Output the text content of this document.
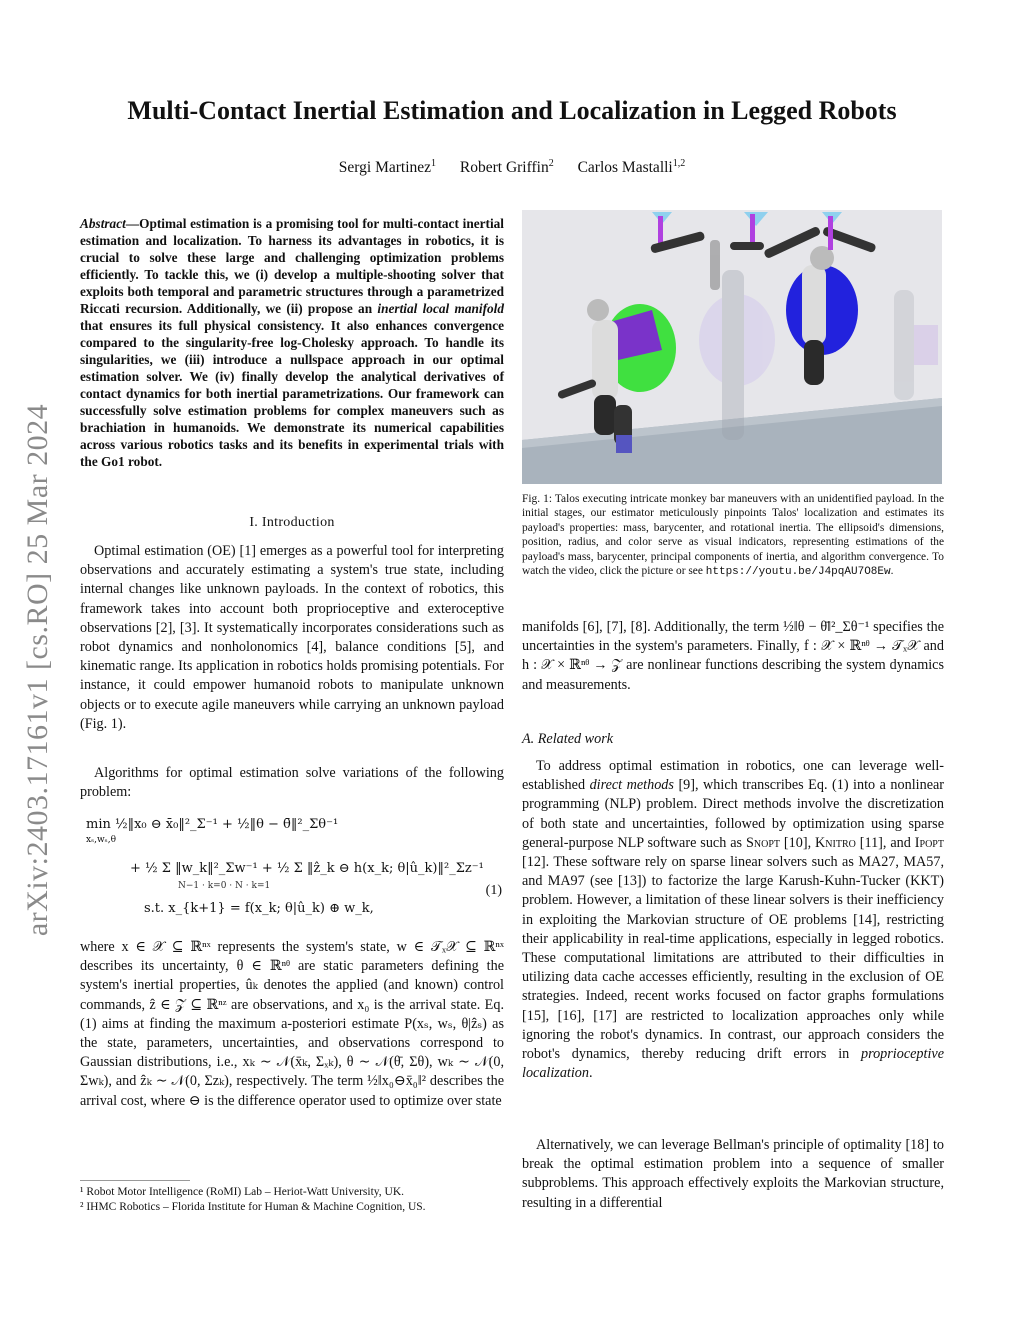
arXiv:2403.17161v1 [cs.RO] 25 Mar 2024
Multi-Contact Inertial Estimation and Localization in Legged Robots
Sergi Martinez$^1$ Robert Griffin$^2$ Carlos Mastalli$^{1,2}$
Abstract—Optimal estimation is a promising tool for multi-contact inertial estimation and localization. To harness its advantages in robotics, it is crucial to solve these large and challenging optimization problems efficiently. To tackle this, we (i) develop a multiple-shooting solver that exploits both temporal and parametric structures through a parametrized Riccati recursion. Additionally, we (ii) propose an inertial local manifold that ensures its full physical consistency. It also enhances convergence compared to the singularity-free log-Cholesky approach. To handle its singularities, we (iii) introduce a nullspace approach in our optimal estimation solver. We (iv) finally develop the analytical derivatives of contact dynamics for both inertial parametrizations. Our framework can successfully solve estimation problems for complex maneuvers such as brachiation in humanoids. We demonstrate its numerical capabilities across various robotics tasks and its benefits in experimental trials with the Go1 robot.
I. Introduction
Optimal estimation (OE) [1] emerges as a powerful tool for interpreting observations and accurately estimating a system's true state, including internal changes like unknown payloads. In the context of robotics, this framework takes into account both proprioceptive and exteroceptive observations [2], [3]. It systematically incorporates considerations such as robot dynamics and nonholonomics [4], balance conditions [5], and kinematic range. Its application in robotics holds promising potentials. For instance, it could empower humanoid robots to manipulate unknown objects or to execute agile maneuvers while carrying an unknown payload (Fig. 1).
Algorithms for optimal estimation solve variations of the following problem:
min ½‖x₀ ⊖ x̄₀‖²_Σ⁻¹ + ½‖θ − θ̄‖²_Σθ⁻¹
xₛ,wₛ,θ
+ ½ Σ ‖w_k‖²_Σw⁻¹ + ½ Σ ‖ẑ_k ⊖ h(x_k; θ|û_k)‖²_Σz⁻¹
N−1 · k=0 · N · k=1
s.t. x_{k+1} = f(x_k; θ|û_k) ⊕ w_k,
(1)
where x ∈ 𝒳 ⊆ ℝⁿˣ represents the system's state, w ∈ 𝒯ₓ𝒳 ⊆ ℝⁿˣ describes its uncertainty, θ ∈ ℝⁿᶿ are static parameters defining the system's inertial properties, ûₖ denotes the applied (and known) control commands, ẑ ∈ 𝒵 ⊆ ℝⁿᶻ are observations, and x₀ is the arrival state. Eq. (1) aims at finding the maximum a-posteriori estimate P(xₛ, wₛ, θ|ẑₛ) as the state, parameters, uncertainties, and observations correspond to Gaussian distributions, i.e., xₖ ∼ 𝒩(x̄ₖ, Σₓₖ), θ ∼ 𝒩(θ̄, Σθ), wₖ ∼ 𝒩(0, Σwₖ), and ẑₖ ∼ 𝒩(0, Σzₖ), respectively. The term ½‖x₀⊖x̄₀‖² describes the arrival cost, where ⊖ is the difference operator used to optimize over state
¹ Robot Motor Intelligence (RoMI) Lab – Heriot-Watt University, UK.
² IHMC Robotics – Florida Institute for Human & Machine Cognition, US.
Fig. 1: Talos executing intricate monkey bar maneuvers with an unidentified payload. In the initial stages, our estimator meticulously pinpoints Talos' localization and estimates its payload's properties: mass, barycenter, and rotational inertia. The ellipsoid's dimensions, position, radius, and color serve as visual indicators, representing estimations of the payload's mass, barycenter, principal components of inertia, and algorithm convergence. To watch the video, click the picture or see https://youtu.be/J4pqAU7O8Ew.
manifolds [6], [7], [8]. Additionally, the term ½‖θ − θ̄‖²_Σθ⁻¹ specifies the uncertainties in the system's parameters. Finally, f : 𝒳 × ℝⁿᶿ → 𝒯ₓ𝒳 and h : 𝒳 × ℝⁿᶿ → 𝒵 are nonlinear functions describing the system dynamics and measurements.
A. Related work
To address optimal estimation in robotics, one can leverage well-established direct methods [9], which transcribes Eq. (1) into a nonlinear programming (NLP) problem. Direct methods involve the discretization of both state and uncertainties, followed by optimization using sparse general-purpose NLP software such as Snopt [10], Knitro [11], and Ipopt [12]. These software rely on sparse linear solvers such as MA27, MA57, and MA97 (see [13]) to factorize the large Karush-Kuhn-Tucker (KKT) problem. However, a limitation of these linear solvers is their inefficiency in exploiting the Markovian structure of OE problems [14], restricting their applicability in real-time applications, especially in legged robotics. These computational limitations are attributed to their difficulties in utilizing data cache accesses efficiently, resulting in the exclusion of OE strategies. Indeed, recent works focused on factor graphs formulations [15], [16], [17] are restricted to localization approaches only while ignoring the robot's dynamics. In contrast, our approach considers the robot's dynamics, thereby reducing drift errors in proprioceptive localization.
Alternatively, we can leverage Bellman's principle of optimality [18] to break the optimal estimation problem into a sequence of smaller subproblems. This approach effectively exploits the Markovian structure, resulting in a differential
